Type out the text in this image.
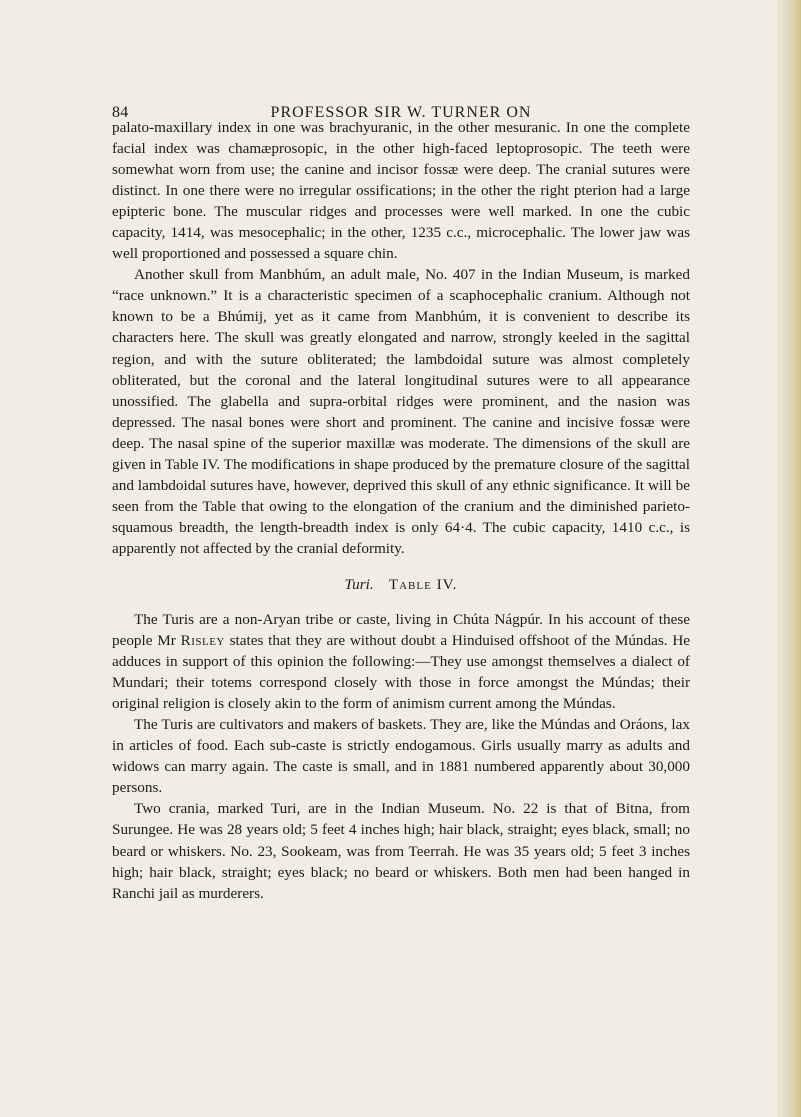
84	PROFESSOR SIR W. TURNER ON

palato-maxillary index in one was brachyuranic, in the other mesuranic. In one the complete facial index was chamæprosopic, in the other high-faced leptoprosopic. The teeth were somewhat worn from use; the canine and incisor fossæ were deep. The cranial sutures were distinct. In one there were no irregular ossifications; in the other the right pterion had a large epipteric bone. The muscular ridges and processes were well marked. In one the cubic capacity, 1414, was mesocephalic; in the other, 1235 c.c., microcephalic. The lower jaw was well proportioned and possessed a square chin.

Another skull from Manbhúm, an adult male, No. 407 in the Indian Museum, is marked “race unknown.” It is a characteristic specimen of a scaphocephalic cranium. Although not known to be a Bhúmij, yet as it came from Manbhúm, it is convenient to describe its characters here. The skull was greatly elongated and narrow, strongly keeled in the sagittal region, and with the suture obliterated; the lambdoidal suture was almost completely obliterated, but the coronal and the lateral longitudinal sutures were to all appearance unossified. The glabella and supra-orbital ridges were prominent, and the nasion was depressed. The nasal bones were short and prominent. The canine and incisive fossæ were deep. The nasal spine of the superior maxillæ was moderate. The dimensions of the skull are given in Table IV. The modifications in shape produced by the premature closure of the sagittal and lambdoidal sutures have, however, deprived this skull of any ethnic significance. It will be seen from the Table that owing to the elongation of the cranium and the diminished parieto-squamous breadth, the length-breadth index is only 64·4. The cubic capacity, 1410 c.c., is apparently not affected by the cranial deformity.

Turi. Table IV.

The Turis are a non-Aryan tribe or caste, living in Chúta Nágpúr. In his account of these people Mr Risley states that they are without doubt a Hinduised offshoot of the Múndas. He adduces in support of this opinion the following:—They use amongst themselves a dialect of Mundari; their totems correspond closely with those in force amongst the Múndas; their original religion is closely akin to the form of animism current among the Múndas.

The Turis are cultivators and makers of baskets. They are, like the Múndas and Oráons, lax in articles of food. Each sub-caste is strictly endogamous. Girls usually marry as adults and widows can marry again. The caste is small, and in 1881 numbered apparently about 30,000 persons.

Two crania, marked Turi, are in the Indian Museum. No. 22 is that of Bitna, from Surungee. He was 28 years old; 5 feet 4 inches high; hair black, straight; eyes black, small; no beard or whiskers. No. 23, Sookeam, was from Teerrah. He was 35 years old; 5 feet 3 inches high; hair black, straight; eyes black; no beard or whiskers. Both men had been hanged in Ranchi jail as murderers.
